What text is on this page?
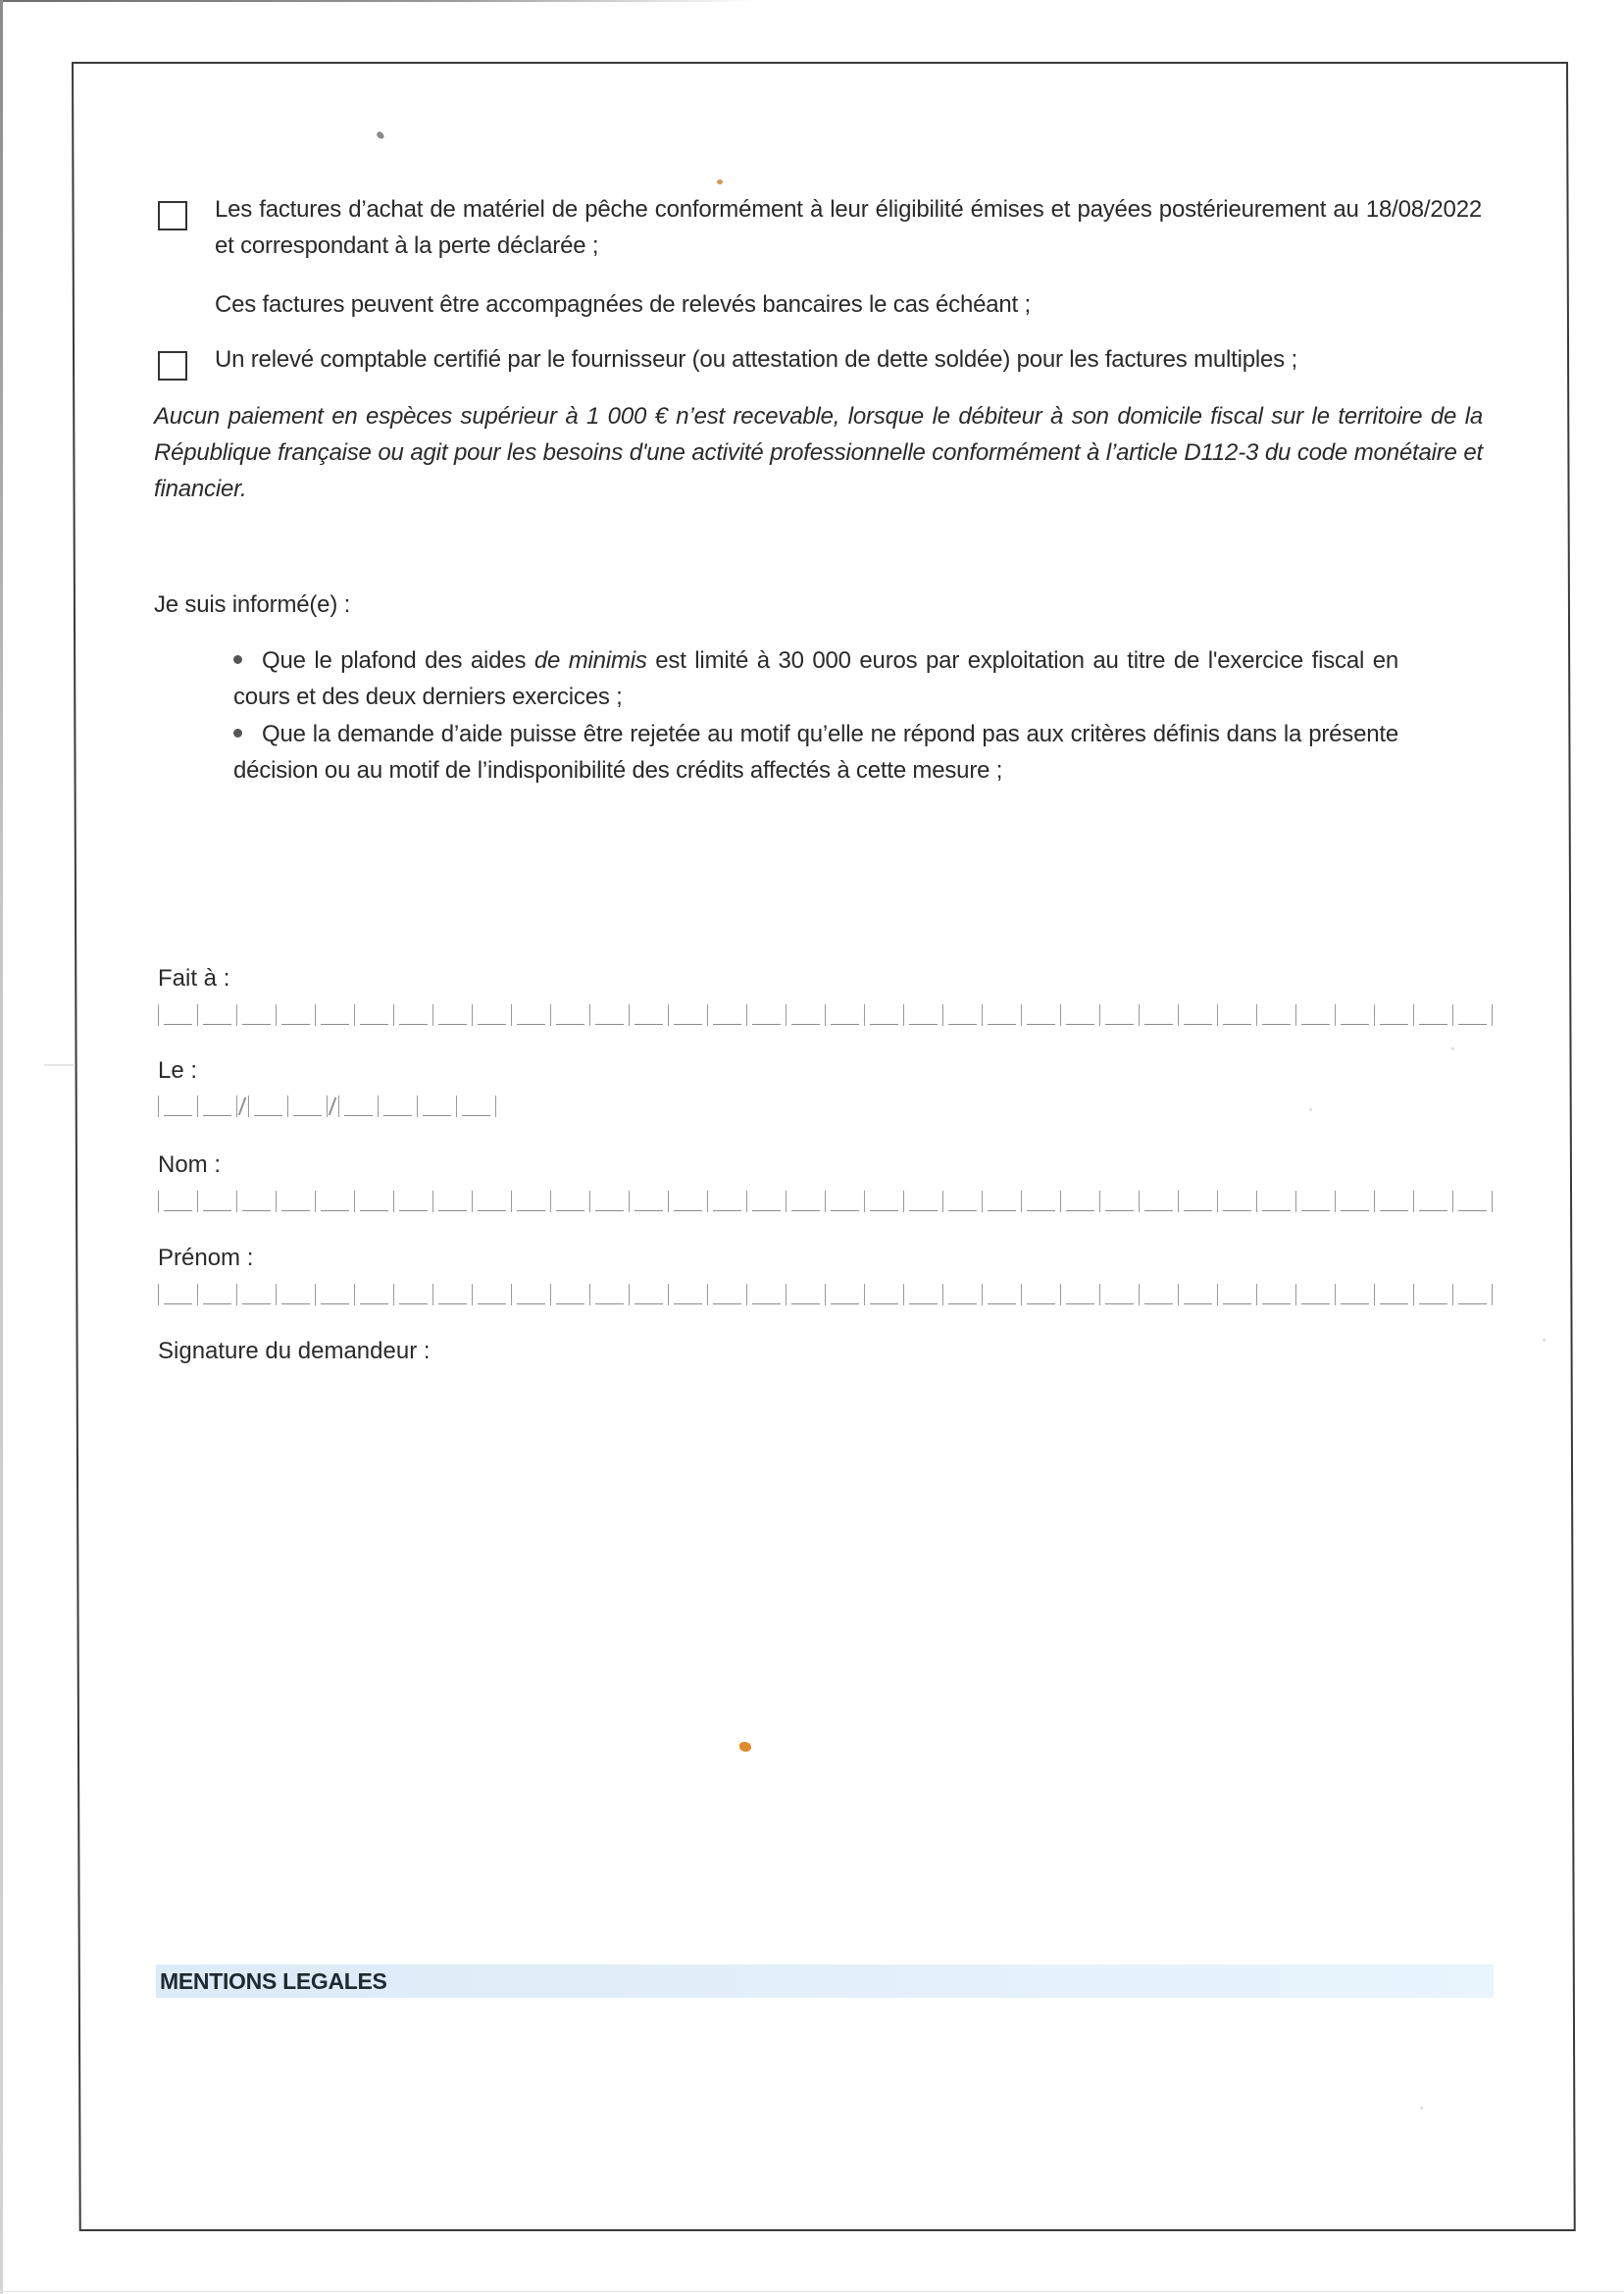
Les factures d’achat de matériel de pêche conformément à leur éligibilité émises et payées postérieurement au 18/08/2022 et correspondant à la perte déclarée ;
Ces factures peuvent être accompagnées de relevés bancaires le cas échéant ;
Un relevé comptable certifié par le fournisseur (ou attestation de dette soldée) pour les factures multiples ;
Aucun paiement en espèces supérieur à 1 000 € n’est recevable, lorsque le débiteur à son domicile fiscal sur le territoire de la République française ou agit pour les besoins d'une activité professionnelle conformément à l’article D112-3 du code monétaire et financier.
Je suis informé(e) :
Que le plafond des aides de minimis est limité à 30 000 euros par exploitation au titre de l'exercice fiscal en cours et des deux derniers exercices ;
Que la demande d’aide puisse être rejetée au motif qu’elle ne répond pas aux critères définis dans la présente décision ou au motif de l’indisponibilité des crédits affectés à cette mesure ;
Fait à :
Le :
Nom :
Prénom :
Signature du demandeur :
MENTIONS LEGALES
